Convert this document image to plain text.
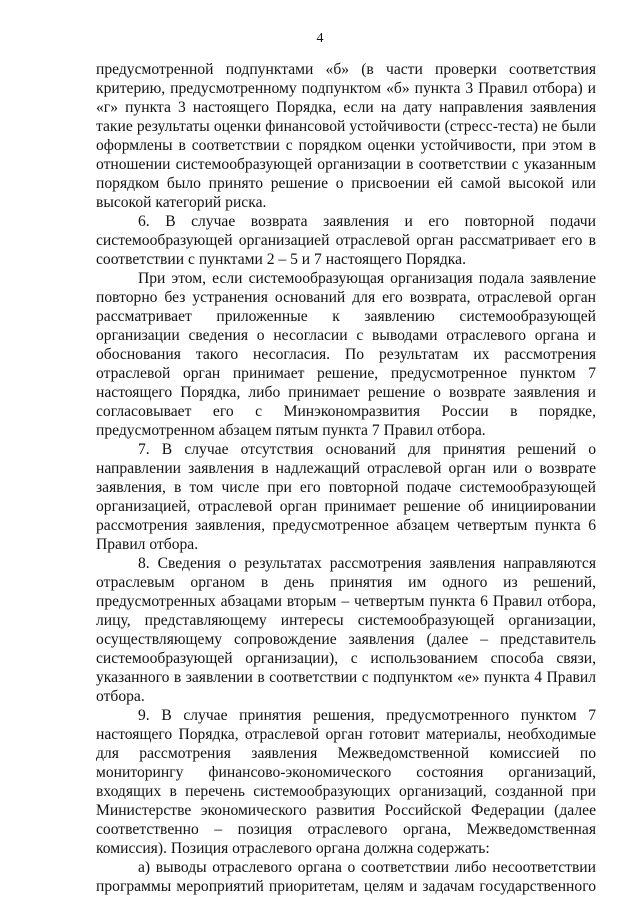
4

предусмотренной подпунктами «б» (в части проверки соответствия критерию, предусмотренному подпунктом «б» пункта 3 Правил отбора) и «г» пункта 3 настоящего Порядка, если на дату направления заявления такие результаты оценки финансовой устойчивости (стресс-теста) не были оформлены в соответствии с порядком оценки устойчивости, при этом в отношении системообразующей организации в соответствии с указанным порядком было принято решение о присвоении ей самой высокой или высокой категорий риска.

6. В случае возврата заявления и его повторной подачи системообразующей организацией отраслевой орган рассматривает его в соответствии с пунктами 2 – 5 и 7 настоящего Порядка.

При этом, если системообразующая организация подала заявление повторно без устранения оснований для его возврата, отраслевой орган рассматривает приложенные к заявлению системообразующей организации сведения о несогласии с выводами отраслевого органа и обоснования такого несогласия. По результатам их рассмотрения отраслевой орган принимает решение, предусмотренное пунктом 7 настоящего Порядка, либо принимает решение о возврате заявления и согласовывает его с Минэкономразвития России в порядке, предусмотренном абзацем пятым пункта 7 Правил отбора.

7. В случае отсутствия оснований для принятия решений о направлении заявления в надлежащий отраслевой орган или о возврате заявления, в том числе при его повторной подаче системообразующей организацией, отраслевой орган принимает решение об инициировании рассмотрения заявления, предусмотренное абзацем четвертым пункта 6 Правил отбора.

8. Сведения о результатах рассмотрения заявления направляются отраслевым органом в день принятия им одного из решений, предусмотренных абзацами вторым – четвертым пункта 6 Правил отбора, лицу, представляющему интересы системообразующей организации, осуществляющему сопровождение заявления (далее – представитель системообразующей организации), с использованием способа связи, указанного в заявлении в соответствии с подпунктом «е» пункта 4 Правил отбора.

9. В случае принятия решения, предусмотренного пунктом 7 настоящего Порядка, отраслевой орган готовит материалы, необходимые для рассмотрения заявления Межведомственной комиссией по мониторингу финансово-экономического состояния организаций, входящих в перечень системообразующих организаций, созданной при Министерстве экономического развития Российской Федерации (далее соответственно – позиция отраслевого органа, Межведомственная комиссия). Позиция отраслевого органа должна содержать:

а) выводы отраслевого органа о соответствии либо несоответствии программы мероприятий приоритетам, целям и задачам государственного
